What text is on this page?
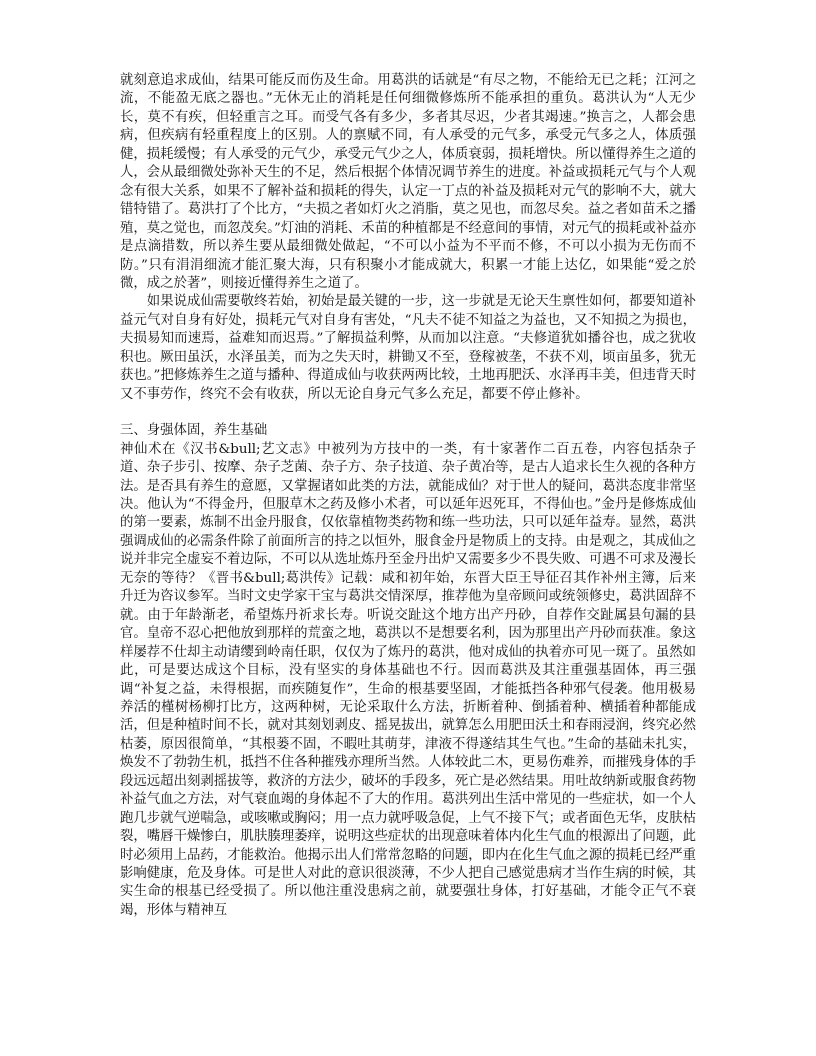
就刻意追求成仙，结果可能反而伤及生命。用葛洪的话就是“有尽之物，不能给无已之耗；江河之流，不能盈无底之器也。”无休无止的消耗是任何细微修炼所不能承担的重负。葛洪认为“人无少长，莫不有疾，但轻重言之耳。而受气各有多少，多者其尽迟，少者其竭速。”换言之，人都会患病，但疾病有轻重程度上的区别。人的禀赋不同，有人承受的元气多，承受元气多之人，体质强健，损耗缓慢；有人承受的元气少，承受元气少之人，体质衰弱，损耗增快。所以懂得养生之道的人，会从最细微处弥补天生的不足，然后根据个体情况调节养生的进度。补益或损耗元气与个人观念有很大关系，如果不了解补益和损耗的得失，认定一丁点的补益及损耗对元气的影响不大，就大错特错了。葛洪打了个比方，“夫损之者如灯火之消脂，莫之见也，而忽尽矣。益之者如苗禾之播殖，莫之觉也，而忽茂矣。”灯油的消耗、禾苗的种植都是不经意间的事情，对元气的损耗或补益亦是点滴措数，所以养生要从最细微处做起，“不可以小益为不平而不修，不可以小损为无伤而不防。”只有涓涓细流才能汇聚大海，只有积聚小才能成就大，积累一才能上达亿，如果能“爱之於微，成之於著”，则接近懂得养生之道了。

如果说成仙需要敬终若始，初始是最关键的一步，这一步就是无论天生禀性如何，都要知道补益元气对自身有好处，损耗元气对自身有害处，“凡夫不徒不知益之为益也，又不知损之为损也，夫损易知而速焉，益难知而迟焉。”了解损益利弊，从而加以注意。“夫修道犹如播谷也，成之犹收积也。厥田虽沃，水泽虽美，而为之失天时，耕锄又不至，登稼被垄，不获不刈，顷亩虽多，犹无获也。”把修炼养生之道与播种、得道成仙与收获两两比较，土地再肥沃、水泽再丰美，但违背天时又不事劳作，终究不会有收获，所以无论自身元气多么充足，都要不停止修补。

三、身强体固，养生基础

神仙术在《汉书&bull;艺文志》中被列为方技中的一类，有十家著作二百五卷，内容包括杂子道、杂子步引、按摩、杂子芝菌、杂子方、杂子技道、杂子黄冶等，是古人追求长生久视的各种方法。是否具有养生的意愿，又掌握诸如此类的方法，就能成仙？对于世人的疑问，葛洪态度非常坚决。他认为“不得金丹，但服草木之药及修小术者，可以延年迟死耳，不得仙也。”金丹是修炼成仙的第一要素，炼制不出金丹服食，仅依靠植物类药物和练一些功法，只可以延年益寿。显然，葛洪强调成仙的必需条件除了前面所言的持之以恒外，服食金丹是物质上的支持。由是观之，其成仙之说并非完全虚妄不着边际，不可以从选址炼丹至金丹出炉又需要多少不畏失败、可遇不可求及漫长无奈的等待？《晋书&bull;葛洪传》记载：咸和初年始，东晋大臣王导征召其作补州主簿，后来升迁为咨议参军。当时文史学家干宝与葛洪交情深厚，推荐他为皇帝顾问或统领修史，葛洪固辞不就。由于年龄渐老，希望炼丹祈求长寿。听说交趾这个地方出产丹砂，自荐作交趾属县句漏的县官。皇帝不忍心把他放到那样的荒蛮之地，葛洪以不是想要名利，因为那里出产丹砂而获准。象这样屡荐不仕却主动请缨到岭南任职，仅仅为了炼丹的葛洪，他对成仙的执着亦可见一斑了。虽然如此，可是要达成这个目标，没有坚实的身体基础也不行。因而葛洪及其注重强基固体，再三强调“补复之益，未得根据，而疾随复作”，生命的根基要坚固，才能抵挡各种邪气侵袭。他用极易养活的槿树杨柳打比方，这两种树，无论采取什么方法，折断着种、倒插着种、横插着种都能成活，但是种植时间不长，就对其刻划剥皮、摇晃拔出，就算怎么用肥田沃土和春雨浸润，终究必然枯萎，原因很简单，“其根蒌不固，不暇吐其萌芽，津液不得遂结其生气也。”生命的基础未扎实，焕发不了勃勃生机，抵挡不住各种摧残亦理所当然。人体较此二木，更易伤难养，而摧残身体的手段远远超出刻剥摇拔等，救济的方法少，破坏的手段多，死亡是必然结果。用吐故纳新或服食药物补益气血之方法，对气衰血竭的身体起不了大的作用。葛洪列出生活中常见的一些症状，如一个人跑几步就气逆喘急，或咳嗽或胸闷；用一点力就呼吸急促，上气不接下气；或者面色无华，皮肤枯裂，嘴唇干燥惨白，肌肤腠理萎痒，说明这些症状的出现意味着体内化生气血的根源出了问题，此时必须用上品药，才能救治。他揭示出人们常常忽略的问题，即内在化生气血之源的损耗已经严重影响健康，危及身体。可是世人对此的意识很淡薄，不少人把自己感觉患病才当作生病的时候，其实生命的根基已经受损了。所以他注重没患病之前，就要强壮身体，打好基础，才能令正气不衰竭，形体与精神互
